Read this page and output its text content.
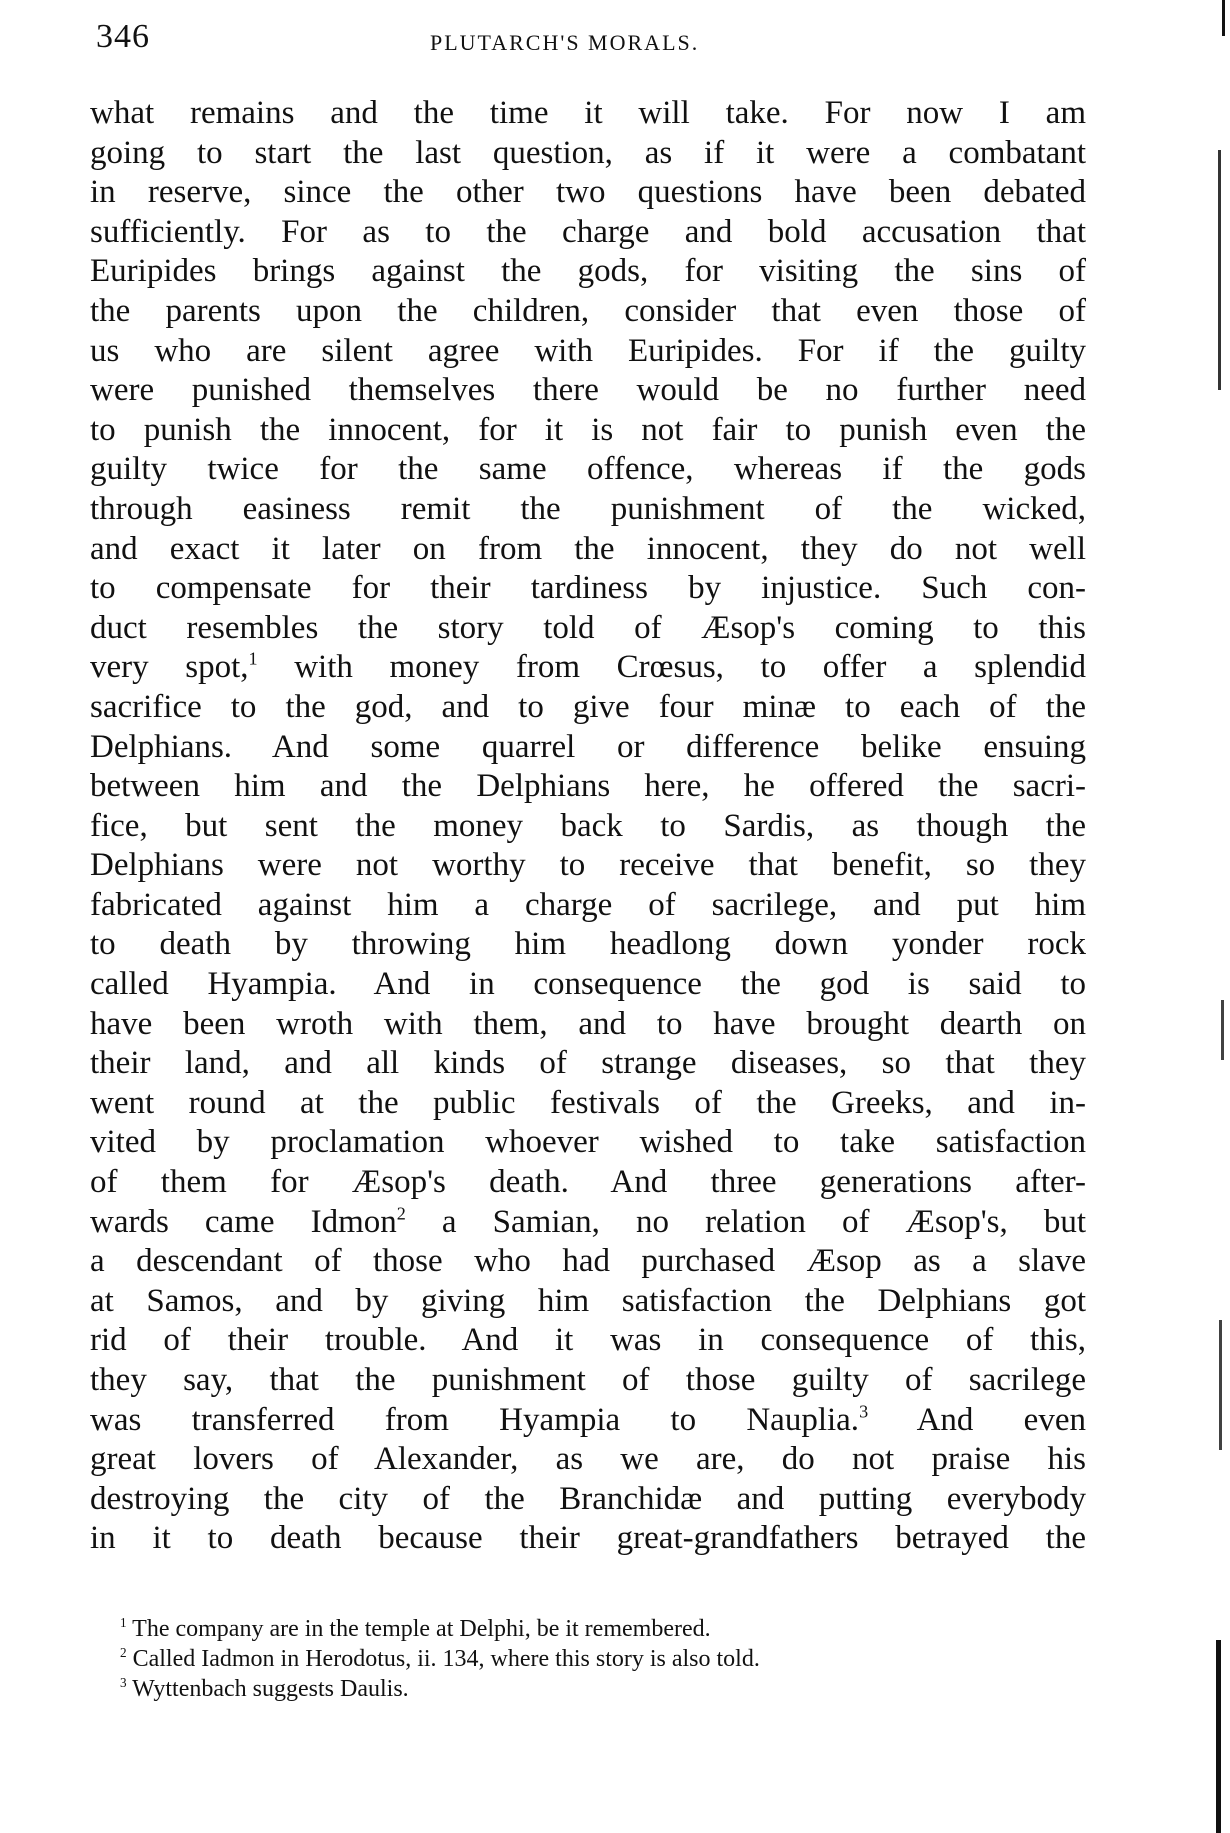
346	PLUTARCH'S MORALS.
what remains and the time it will take. For now I am
going to start the last question, as if it were a combatant
in reserve, since the other two questions have been debated
sufficiently. For as to the charge and bold accusation that
Euripides brings against the gods, for visiting the sins of
the parents upon the children, consider that even those of
us who are silent agree with Euripides. For if the guilty
were punished themselves there would be no further need
to punish the innocent, for it is not fair to punish even the
guilty twice for the same offence, whereas if the gods
through easiness remit the punishment of the wicked,
and exact it later on from the innocent, they do not well
to compensate for their tardiness by injustice. Such con-
duct resembles the story told of Æsop's coming to this
very spot,$^1$ with money from Crœsus, to offer a splendid
sacrifice to the god, and to give four minæ to each of the
Delphians. And some quarrel or difference belike ensuing
between him and the Delphians here, he offered the sacri-
fice, but sent the money back to Sardis, as though the
Delphians were not worthy to receive that benefit, so they
fabricated against him a charge of sacrilege, and put him
to death by throwing him headlong down yonder rock
called Hyampia. And in consequence the god is said to
have been wroth with them, and to have brought dearth on
their land, and all kinds of strange diseases, so that they
went round at the public festivals of the Greeks, and in-
vited by proclamation whoever wished to take satisfaction
of them for Æsop's death. And three generations after-
wards came Idmon$^2$ a Samian, no relation of Æsop's, but
a descendant of those who had purchased Æsop as a slave
at Samos, and by giving him satisfaction the Delphians got
rid of their trouble. And it was in consequence of this,
they say, that the punishment of those guilty of sacrilege
was transferred from Hyampia to Nauplia.$^3$ And even
great lovers of Alexander, as we are, do not praise his
destroying the city of the Branchidæ and putting everybody
in it to death because their great-grandfathers betrayed the
$^1$ The company are in the temple at Delphi, be it remembered.
$^2$ Called Iadmon in Herodotus, ii. 134, where this story is also told.
$^3$ Wyttenbach suggests Daulis.
